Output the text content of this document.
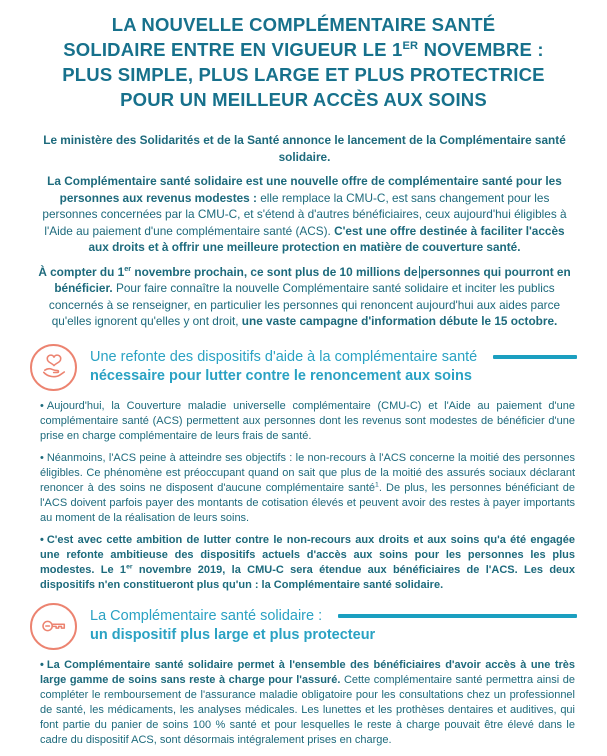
LA NOUVELLE COMPLÉMENTAIRE SANTÉ
SOLIDAIRE ENTRE EN VIGUEUR LE 1ER NOVEMBRE :
PLUS SIMPLE, PLUS LARGE ET PLUS PROTECTRICE
POUR UN MEILLEUR ACCÈS AUX SOINS

Le ministère des Solidarités et de la Santé annonce le lancement de la Complémentaire santé solidaire.

La Complémentaire santé solidaire est une nouvelle offre de complémentaire santé pour les personnes aux revenus modestes : elle remplace la CMU-C, est sans changement pour les personnes concernées par la CMU-C, et s'étend à d'autres bénéficiaires, ceux aujourd'hui éligibles à l'Aide au paiement d'une complémentaire santé (ACS). C'est une offre destinée à faciliter l'accès aux droits et à offrir une meilleure protection en matière de couverture santé.

À compter du 1er novembre prochain, ce sont plus de 10 millions de personnes qui pourront en bénéficier. Pour faire connaître la nouvelle Complémentaire santé solidaire et inciter les publics concernés à se renseigner, en particulier les personnes qui renoncent aujourd'hui aux aides parce qu'elles ignorent qu'elles y ont droit, une vaste campagne d'information débute le 15 octobre.

Une refonte des dispositifs d'aide à la complémentaire santé
nécessaire pour lutter contre le renoncement aux soins

• Aujourd'hui, la Couverture maladie universelle complémentaire (CMU-C) et l'Aide au paiement d'une complémentaire santé (ACS) permettent aux personnes dont les revenus sont modestes de bénéficier d'une prise en charge complémentaire de leurs frais de santé.

• Néanmoins, l'ACS peine à atteindre ses objectifs : le non-recours à l'ACS concerne la moitié des personnes éligibles. Ce phénomène est préoccupant quand on sait que plus de la moitié des assurés sociaux déclarant renoncer à des soins ne disposent d'aucune complémentaire santé$^1$. De plus, les personnes bénéficiant de l'ACS doivent parfois payer des montants de cotisation élevés et peuvent avoir des restes à payer importants au moment de la réalisation de leurs soins.

• C'est avec cette ambition de lutter contre le non-recours aux droits et aux soins qu'a été engagée une refonte ambitieuse des dispositifs actuels d'accès aux soins pour les personnes les plus modestes. Le 1er novembre 2019, la CMU-C sera étendue aux bénéficiaires de l'ACS. Les deux dispositifs n'en constitueront plus qu'un : la Complémentaire santé solidaire.

La Complémentaire santé solidaire :
un dispositif plus large et plus protecteur

• La Complémentaire santé solidaire permet à l'ensemble des bénéficiaires d'avoir accès à une très large gamme de soins sans reste à charge pour l'assuré. Cette complémentaire santé permettra ainsi de compléter le remboursement de l'assurance maladie obligatoire pour les consultations chez un professionnel de santé, les médicaments, les analyses médicales. Les lunettes et les prothèses dentaires et auditives, qui font partie du panier de soins 100 % santé et pour lesquelles le reste à charge pouvait être élevé dans le cadre du dispositif ACS, sont désormais intégralement prises en charge.
